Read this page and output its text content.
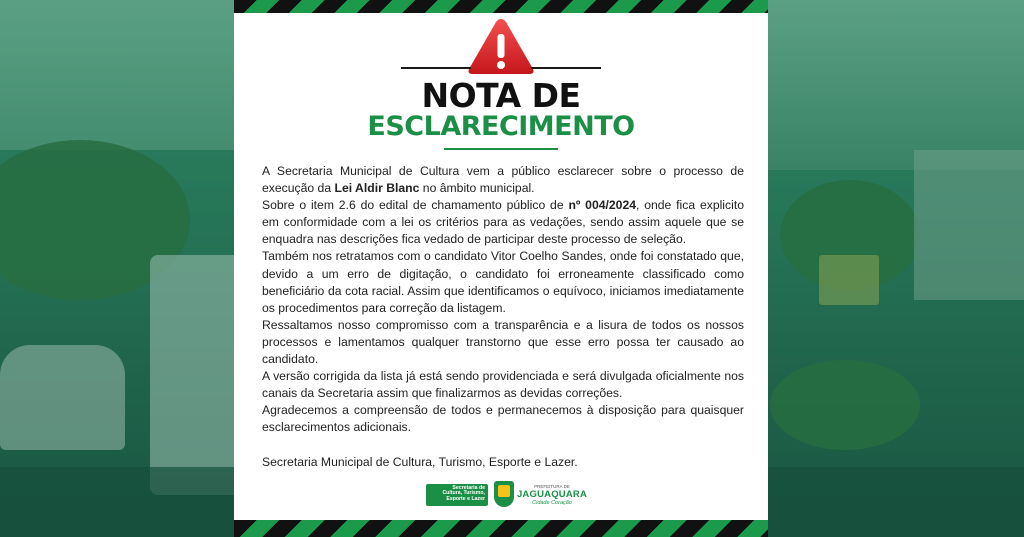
NOTA DE
ESCLARECIMENTO

A Secretaria Municipal de Cultura vem a público esclarecer sobre o processo de execução da Lei Aldir Blanc no âmbito municipal.

Sobre o item 2.6 do edital de chamamento público de nº 004/2024, onde fica explicito em conformidade com a lei os critérios para as vedações, sendo assim aquele que se enquadra nas descrições fica vedado de participar deste processo de seleção.

Também nos retratamos com o candidato Vitor Coelho Sandes, onde foi constatado que, devido a um erro de digitação, o candidato foi erroneamente classificado como beneficiário da cota racial. Assim que identificamos o equívoco, iniciamos imediatamente os procedimentos para correção da listagem.

Ressaltamos nosso compromisso com a transparência e a lisura de todos os nossos processos e lamentamos qualquer transtorno que esse erro possa ter causado ao candidato.

A versão corrigida da lista já está sendo providenciada e será divulgada oficialmente nos canais da Secretaria assim que finalizarmos as devidas correções.

Agradecemos a compreensão de todos e permanecemos à disposição para quaisquer esclarecimentos adicionais.

Secretaria Municipal de Cultura, Turismo, Esporte e Lazer.

Secretaria de
Cultura, Turismo,
Esporte e Lazer
PREFEITURA DE
JAGUAQUARA
Cidade Coração
